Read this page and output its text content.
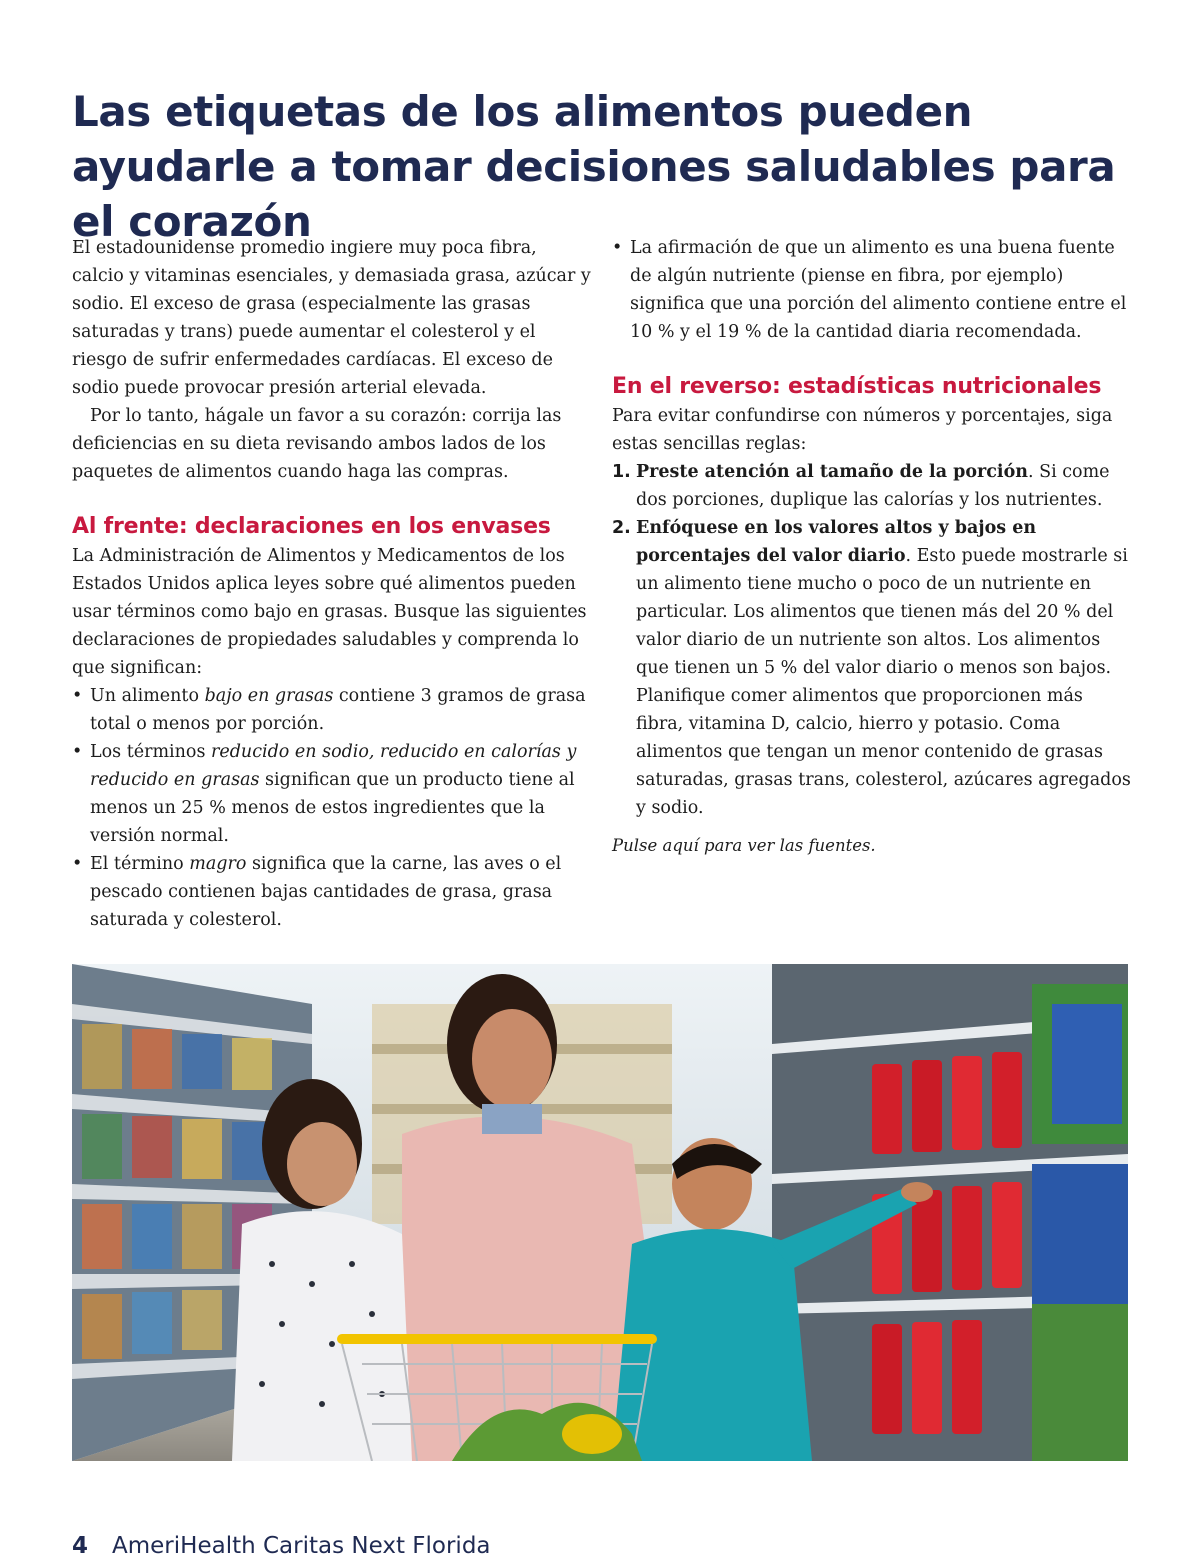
Las etiquetas de los alimentos pueden ayudarle a tomar decisiones saludables para el corazón

El estadounidense promedio ingiere muy poca fibra, calcio y vitaminas esenciales, y demasiada grasa, azúcar y sodio. El exceso de grasa (especialmente las grasas saturadas y trans) puede aumentar el colesterol y el riesgo de sufrir enfermedades cardíacas. El exceso de sodio puede provocar presión arterial elevada.

Por lo tanto, hágale un favor a su corazón: corrija las deficiencias en su dieta revisando ambos lados de los paquetes de alimentos cuando haga las compras.

Al frente: declaraciones en los envases

La Administración de Alimentos y Medicamentos de los Estados Unidos aplica leyes sobre qué alimentos pueden usar términos como bajo en grasas. Busque las siguientes declaraciones de propiedades saludables y comprenda lo que significan:

• Un alimento bajo en grasas contiene 3 gramos de grasa total o menos por porción.
• Los términos reducido en sodio, reducido en calorías y reducido en grasas significan que un producto tiene al menos un 25 % menos de estos ingredientes que la versión normal.
• El término magro significa que la carne, las aves o el pescado contienen bajas cantidades de grasa, grasa saturada y colesterol.
• La afirmación de que un alimento es una buena fuente de algún nutriente (piense en fibra, por ejemplo) significa que una porción del alimento contiene entre el 10 % y el 19 % de la cantidad diaria recomendada.
En el reverso: estadísticas nutricionales

Para evitar confundirse con números y porcentajes, siga estas sencillas reglas:

1. Preste atención al tamaño de la porción. Si come dos porciones, duplique las calorías y los nutrientes.
2. Enfóquese en los valores altos y bajos en porcentajes del valor diario. Esto puede mostrarle si un alimento tiene mucho o poco de un nutriente en particular. Los alimentos que tienen más del 20 % del valor diario de un nutriente son altos. Los alimentos que tienen un 5 % del valor diario o menos son bajos. Planifique comer alimentos que proporcionen más fibra, vitamina D, calcio, hierro y potasio. Coma alimentos que tengan un menor contenido de grasas saturadas, grasas trans, colesterol, azúcares agregados y sodio.

Pulse aquí para ver las fuentes.

4 AmeriHealth Caritas Next Florida
